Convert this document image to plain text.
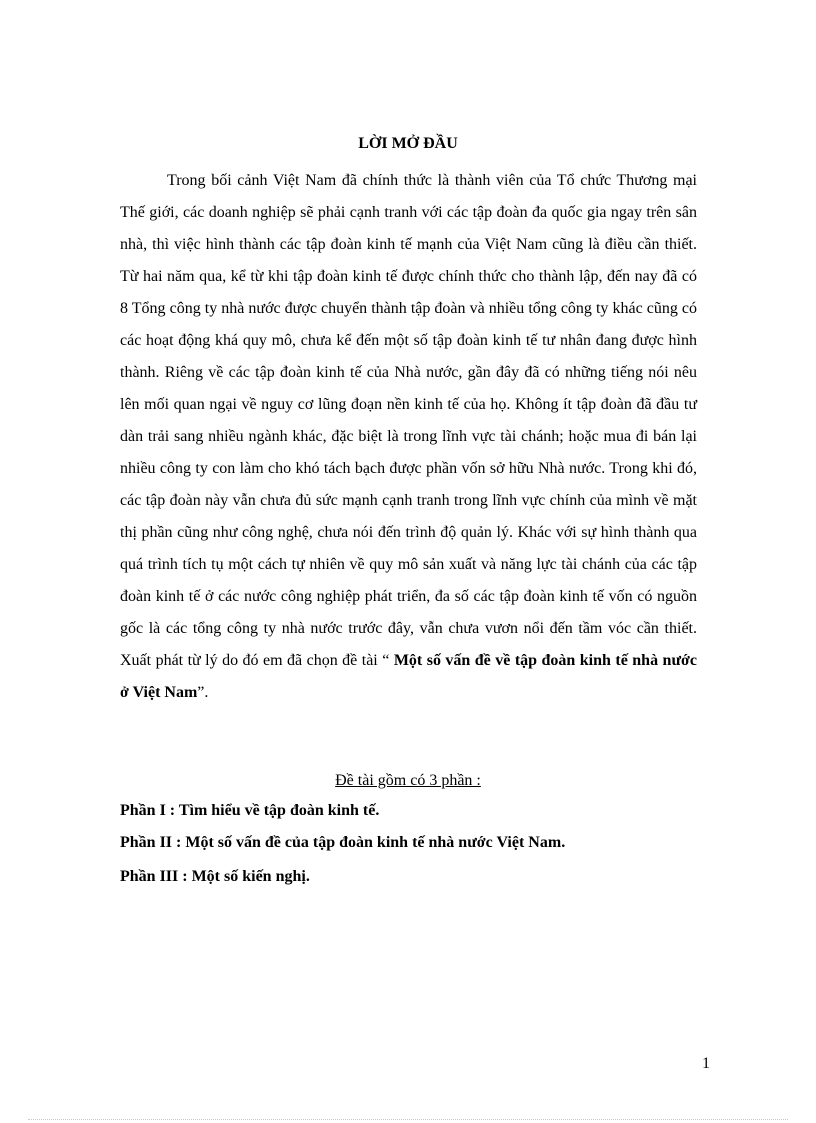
LỜI MỞ ĐẦU

Trong bối cảnh Việt Nam đã chính thức là thành viên của Tổ chức Thương mại Thế giới, các doanh nghiệp sẽ phải cạnh tranh với các tập đoàn đa quốc gia ngay trên sân nhà, thì việc hình thành các tập đoàn kinh tế mạnh của Việt Nam cũng là điều cần thiết. Từ hai năm qua, kể từ khi tập đoàn kinh tế được chính thức cho thành lập, đến nay đã có 8 Tổng công ty nhà nước được chuyển thành tập đoàn và nhiều tổng công ty khác cũng có các hoạt động khá quy mô, chưa kể đến một số tập đoàn kinh tế tư nhân đang được hình thành. Riêng về các tập đoàn kinh tế của Nhà nước, gần đây đã có những tiếng nói nêu lên mối quan ngại về nguy cơ lũng đoạn nền kinh tế của họ. Không ít tập đoàn đã đầu tư dàn trải sang nhiều ngành khác, đặc biệt là trong lĩnh vực tài chánh; hoặc mua đi bán lại nhiều công ty con làm cho khó tách bạch được phần vốn sở hữu Nhà nước. Trong khi đó, các tập đoàn này vẫn chưa đủ sức mạnh cạnh tranh trong lĩnh vực chính của mình về mặt thị phần cũng như công nghệ, chưa nói đến trình độ quản lý. Khác với sự hình thành qua quá trình tích tụ một cách tự nhiên về quy mô sản xuất và năng lực tài chánh của các tập đoàn kinh tế ở các nước công nghiệp phát triển, đa số các tập đoàn kinh tế vốn có nguồn gốc là các tổng công ty nhà nước trước đây, vẫn chưa vươn nổi đến tầm vóc cần thiết. Xuất phát từ lý do đó em đã chọn đề tài “ Một số vấn đề về tập đoàn kinh tế nhà nước ở Việt Nam”.

Đề tài gồm có 3 phần :
Phần I : Tìm hiểu về tập đoàn kinh tế.
Phần II : Một số vấn đề của tập đoàn kinh tế nhà nước Việt Nam.
Phần III : Một số kiến nghị.
1
